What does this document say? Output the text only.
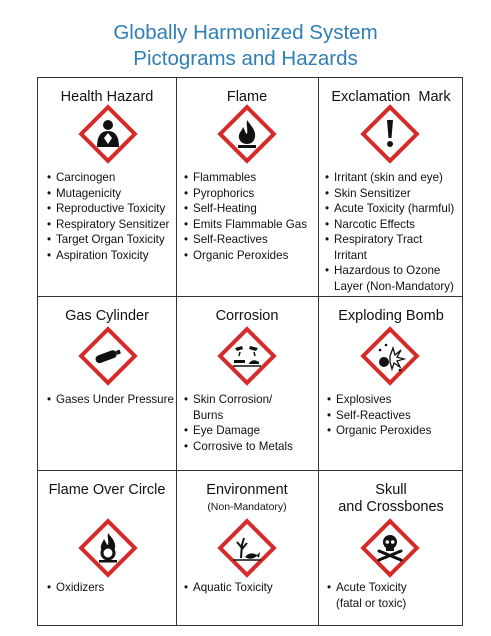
Globally Harmonized System
Pictograms and Hazards
Health Hazard
• Carcinogen
• Mutagenicity
• Reproductive Toxicity
• Respiratory Sensitizer
• Target Organ Toxicity
• Aspiration Toxicity
Flame
• Flammables
• Pyrophorics
• Self-Heating
• Emits Flammable Gas
• Self-Reactives
• Organic Peroxides
Exclamation  Mark
• Irritant (skin and eye)
• Skin Sensitizer
• Acute Toxicity (harmful)
• Narcotic Effects
• Respiratory Tract
Irritant
• Hazardous to Ozone
Layer (Non-Mandatory)
Gas Cylinder
• Gases Under Pressure
Corrosion
• Skin Corrosion/
Burns
• Eye Damage
• Corrosive to Metals
Exploding Bomb
• Explosives
• Self-Reactives
• Organic Peroxides
Flame Over Circle
• Oxidizers
Environment
(Non-Mandatory)
• Aquatic Toxicity
Skull
and Crossbones
• Acute Toxicity
(fatal or toxic)
